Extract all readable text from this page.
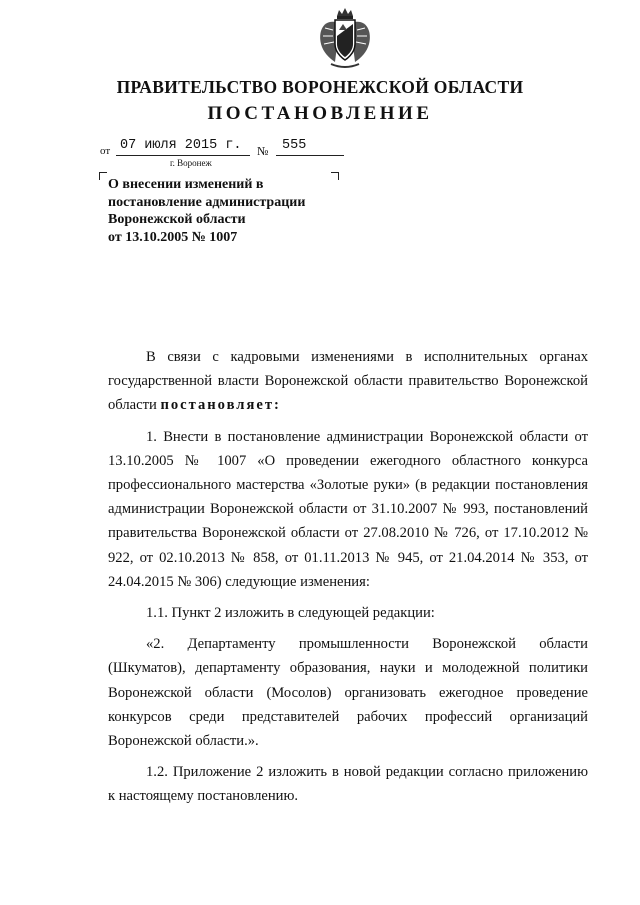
ПРАВИТЕЛЬСТВО ВОРОНЕЖСКОЙ ОБЛАСТИ
ПОСТАНОВЛЕНИЕ
от 07 июля 2015 г. № 555
г. Воронеж
О внесении изменений в
постановление администрации
Воронежской области
от 13.10.2005 № 1007

В связи с кадровыми изменениями в исполнительных органах государственной власти Воронежской области правительство Воронежской области постановляет:

1. Внести в постановление администрации Воронежской области от 13.10.2005 № 1007 «О проведении ежегодного областного конкурса профессионального мастерства «Золотые руки» (в редакции постановления администрации Воронежской области от 31.10.2007 № 993, постановлений правительства Воронежской области от 27.08.2010 № 726, от 17.10.2012 № 922, от 02.10.2013 № 858, от 01.11.2013 № 945, от 21.04.2014 № 353, от 24.04.2015 № 306) следующие изменения:

1.1. Пункт 2 изложить в следующей редакции:

«2. Департаменту промышленности Воронежской области (Шкуматов), департаменту образования, науки и молодежной политики Воронежской области (Мосолов) организовать ежегодное проведение конкурсов среди представителей рабочих профессий организаций Воронежской области.».

1.2. Приложение 2 изложить в новой редакции согласно приложению к настоящему постановлению.
